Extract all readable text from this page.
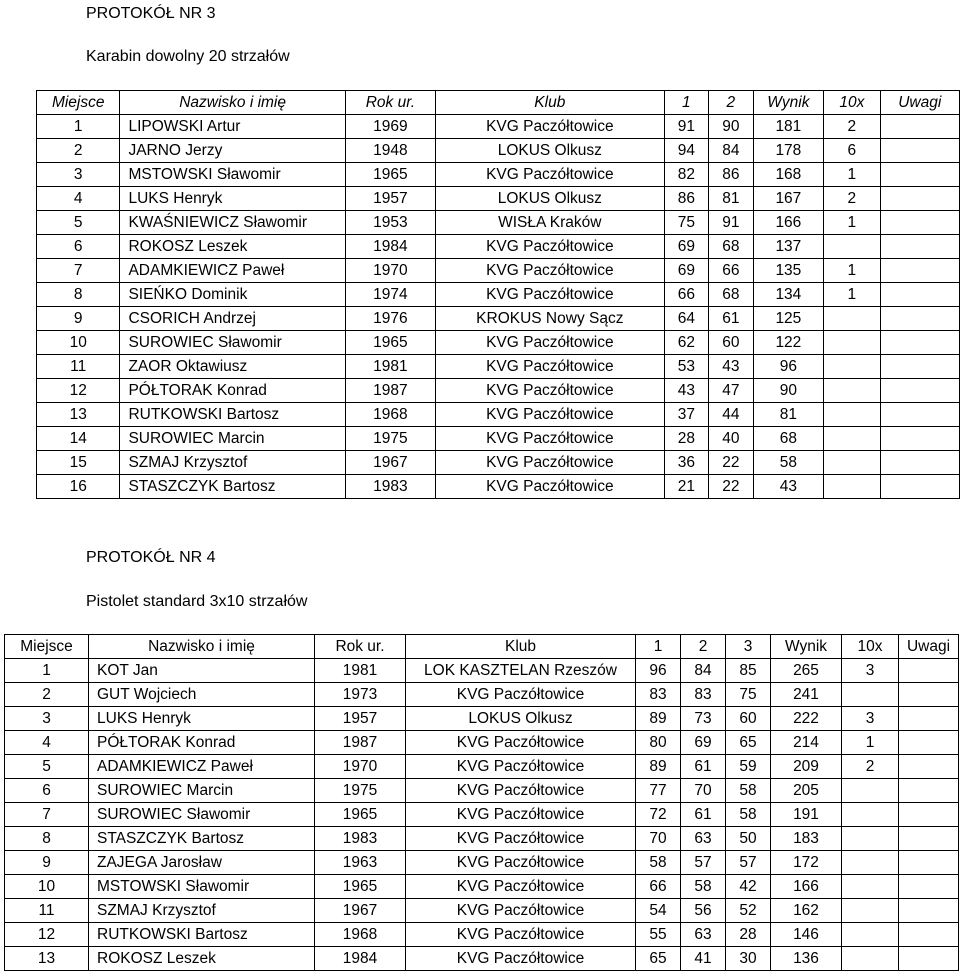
PROTOKÓŁ NR 3
Karabin dowolny 20 strzałów
Miejsce	Nazwisko i imię	Rok ur.	Klub	1	2	Wynik	10x	Uwagi
1	LIPOWSKI Artur	1969	KVG Paczółtowice	91	90	181	2	
2	JARNO Jerzy	1948	LOKUS Olkusz	94	84	178	6	
3	MSTOWSKI Sławomir	1965	KVG Paczółtowice	82	86	168	1	
4	LUKS Henryk	1957	LOKUS Olkusz	86	81	167	2	
5	KWAŚNIEWICZ Sławomir	1953	WISŁA Kraków	75	91	166	1	
6	ROKOSZ Leszek	1984	KVG Paczółtowice	69	68	137		
7	ADAMKIEWICZ Paweł	1970	KVG Paczółtowice	69	66	135	1	
8	SIEŃKO Dominik	1974	KVG Paczółtowice	66	68	134	1	
9	CSORICH Andrzej	1976	KROKUS Nowy Sącz	64	61	125		
10	SUROWIEC Sławomir	1965	KVG Paczółtowice	62	60	122		
11	ZAOR Oktawiusz	1981	KVG Paczółtowice	53	43	96		
12	PÓŁTORAK Konrad	1987	KVG Paczółtowice	43	47	90		
13	RUTKOWSKI Bartosz	1968	KVG Paczółtowice	37	44	81		
14	SUROWIEC Marcin	1975	KVG Paczółtowice	28	40	68		
15	SZMAJ Krzysztof	1967	KVG Paczółtowice	36	22	58		
16	STASZCZYK Bartosz	1983	KVG Paczółtowice	21	22	43		
PROTOKÓŁ NR 4
Pistolet standard 3x10 strzałów
Miejsce	Nazwisko i imię	Rok ur.	Klub	1	2	3	Wynik	10x	Uwagi
1	KOT Jan	1981	LOK KASZTELAN Rzeszów	96	84	85	265	3	
2	GUT Wojciech	1973	KVG Paczółtowice	83	83	75	241		
3	LUKS Henryk	1957	LOKUS Olkusz	89	73	60	222	3	
4	PÓŁTORAK Konrad	1987	KVG Paczółtowice	80	69	65	214	1	
5	ADAMKIEWICZ Paweł	1970	KVG Paczółtowice	89	61	59	209	2	
6	SUROWIEC Marcin	1975	KVG Paczółtowice	77	70	58	205		
7	SUROWIEC Sławomir	1965	KVG Paczółtowice	72	61	58	191		
8	STASZCZYK Bartosz	1983	KVG Paczółtowice	70	63	50	183		
9	ZAJEGA Jarosław	1963	KVG Paczółtowice	58	57	57	172		
10	MSTOWSKI Sławomir	1965	KVG Paczółtowice	66	58	42	166		
11	SZMAJ Krzysztof	1967	KVG Paczółtowice	54	56	52	162		
12	RUTKOWSKI Bartosz	1968	KVG Paczółtowice	55	63	28	146		
13	ROKOSZ Leszek	1984	KVG Paczółtowice	65	41	30	136		
